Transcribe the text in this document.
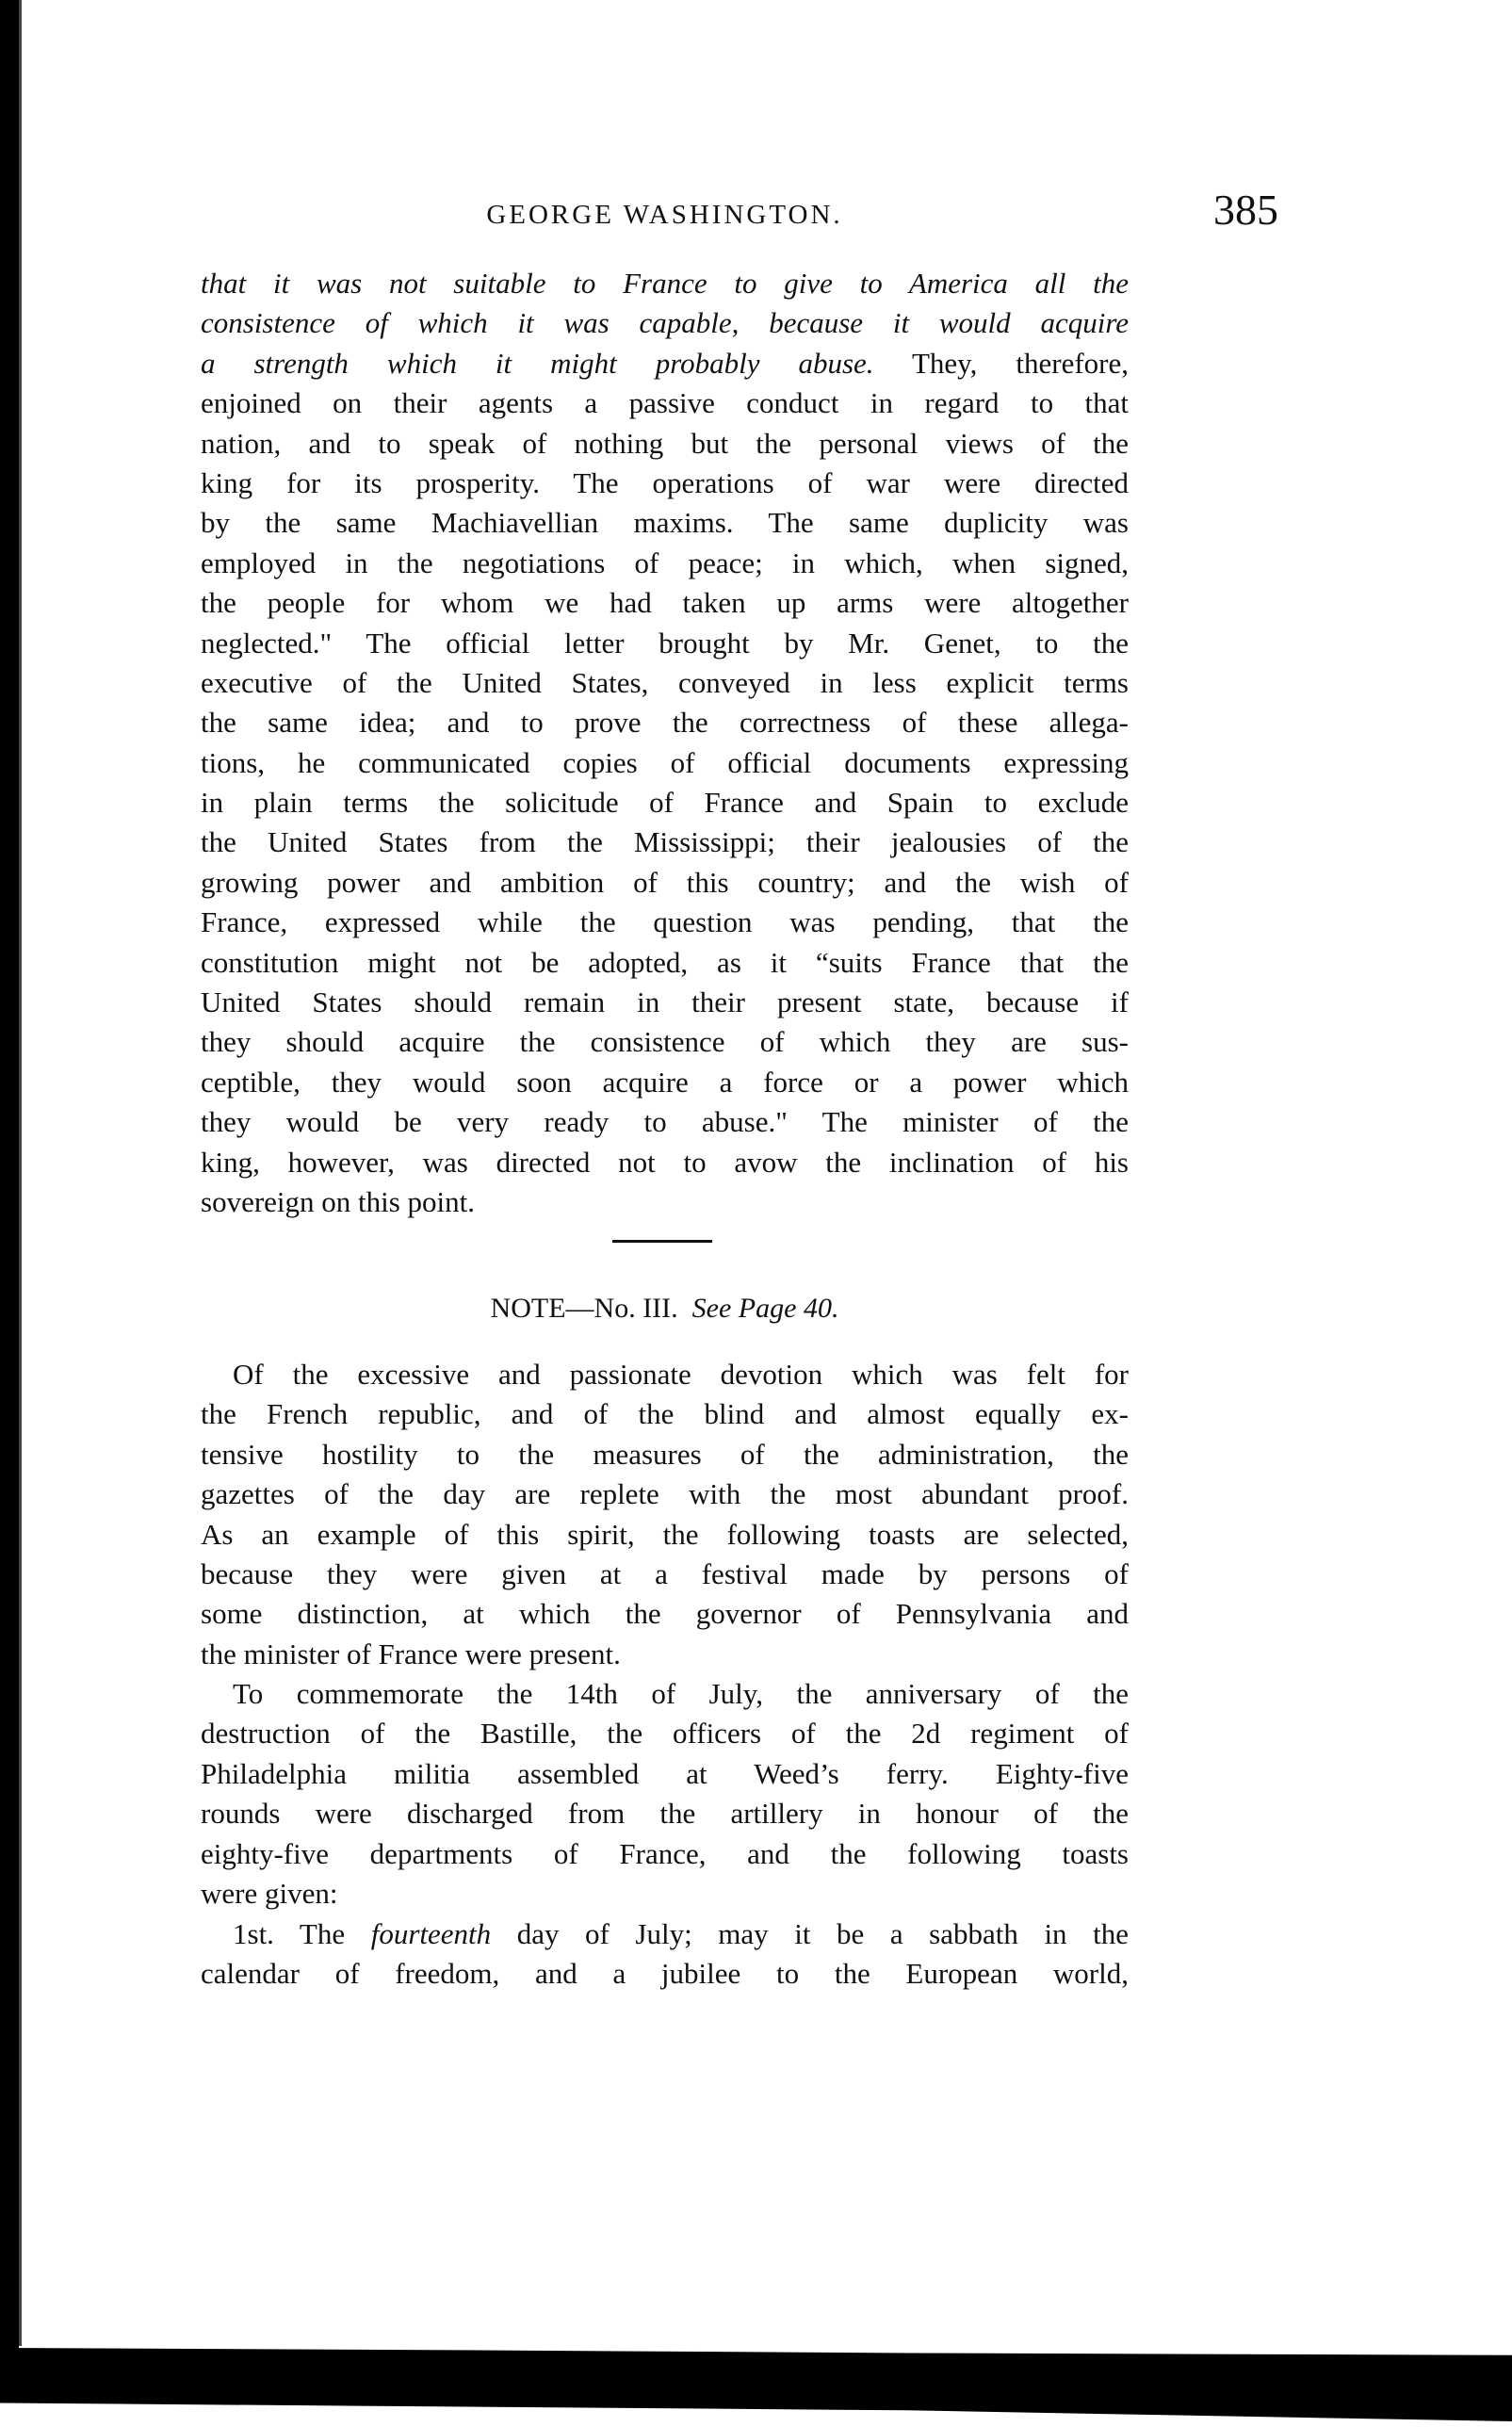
GEORGE WASHINGTON.	385
that it was not suitable to France to give to America all the
consistence of which it was capable, because it would acquire
a strength which it might probably abuse. They, therefore,
enjoined on their agents a passive conduct in regard to that
nation, and to speak of nothing but the personal views of the
king for its prosperity. The operations of war were directed
by the same Machiavellian maxims. The same duplicity was
employed in the negotiations of peace; in which, when signed,
the people for whom we had taken up arms were altogether
neglected." The official letter brought by Mr. Genet, to the
executive of the United States, conveyed in less explicit terms
the same idea; and to prove the correctness of these allega-
tions, he communicated copies of official documents expressing
in plain terms the solicitude of France and Spain to exclude
the United States from the Mississippi; their jealousies of the
growing power and ambition of this country; and the wish of
France, expressed while the question was pending, that the
constitution might not be adopted, as it “suits France that the
United States should remain in their present state, because if
they should acquire the consistence of which they are sus-
ceptible, they would soon acquire a force or a power which
they would be very ready to abuse." The minister of the
king, however, was directed not to avow the inclination of his
sovereign on this point.
NOTE—No. III. See Page 40.
Of the excessive and passionate devotion which was felt for
the French republic, and of the blind and almost equally ex-
tensive hostility to the measures of the administration, the
gazettes of the day are replete with the most abundant proof.
As an example of this spirit, the following toasts are selected,
because they were given at a festival made by persons of
some distinction, at which the governor of Pennsylvania and
the minister of France were present.
To commemorate the 14th of July, the anniversary of the
destruction of the Bastille, the officers of the 2d regiment of
Philadelphia militia assembled at Weed’s ferry. Eighty-five
rounds were discharged from the artillery in honour of the
eighty-five departments of France, and the following toasts
were given:
1st. The fourteenth day of July; may it be a sabbath in the
calendar of freedom, and a jubilee to the European world,
